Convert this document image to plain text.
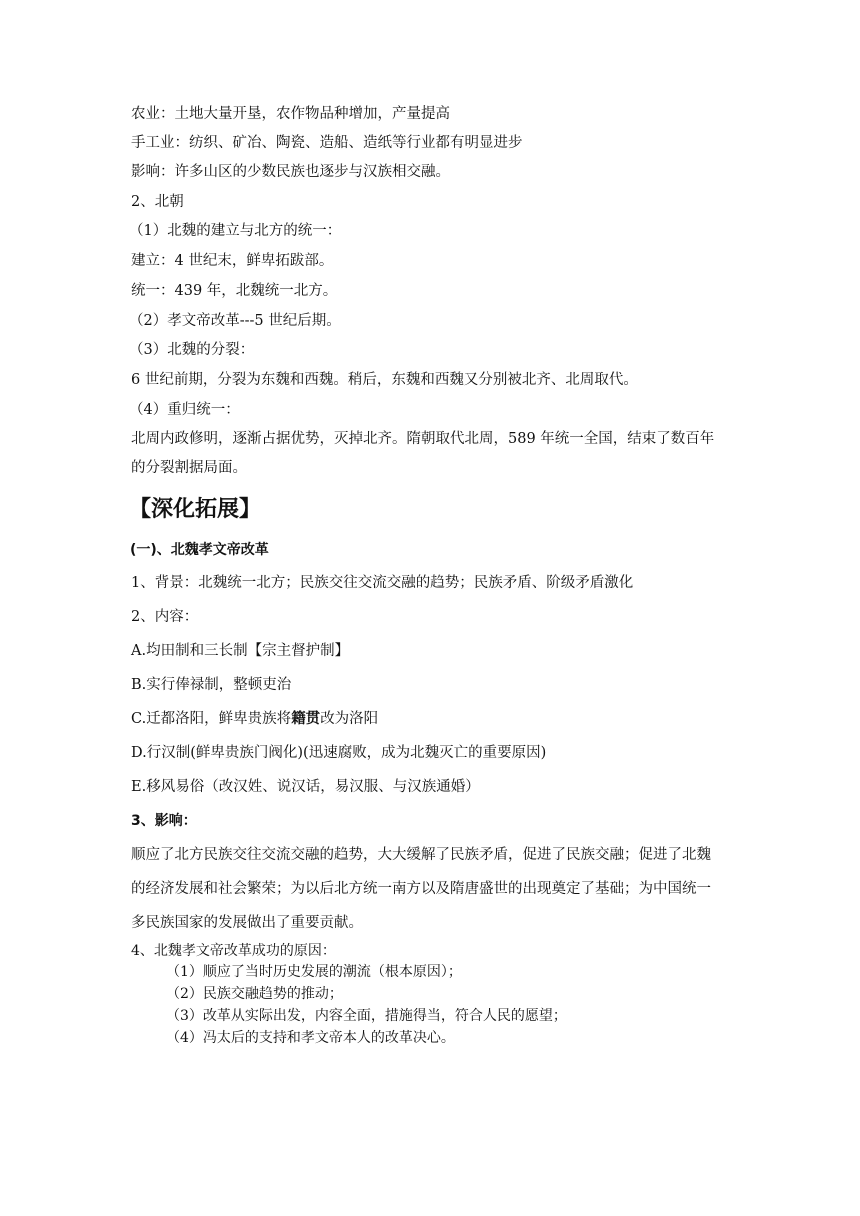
农业：土地大量开垦，农作物品种增加，产量提高
手工业：纺织、矿冶、陶瓷、造船、造纸等行业都有明显进步
影响：许多山区的少数民族也逐步与汉族相交融。
2、北朝
（1）北魏的建立与北方的统一：
建立：4 世纪末，鲜卑拓跋部。
统一：439 年，北魏统一北方。
（2）孝文帝改革---5 世纪后期。
（3）北魏的分裂：
6 世纪前期，分裂为东魏和西魏。稍后，东魏和西魏又分别被北齐、北周取代。
（4）重归统一：
北周内政修明，逐渐占据优势，灭掉北齐。隋朝取代北周，589 年统一全国，结束了数百年
的分裂割据局面。
【深化拓展】
(一)、北魏孝文帝改革
1、背景：北魏统一北方；民族交往交流交融的趋势；民族矛盾、阶级矛盾激化
2、内容：
A.均田制和三长制【宗主督护制】
B.实行俸禄制，整顿吏治
C.迁都洛阳，鲜卑贵族将籍贯改为洛阳
D.行汉制(鲜卑贵族门阀化)(迅速腐败，成为北魏灭亡的重要原因)
E.移风易俗（改汉姓、说汉话，易汉服、与汉族通婚）
3、影响：
顺应了北方民族交往交流交融的趋势，大大缓解了民族矛盾，促进了民族交融；促进了北魏
的经济发展和社会繁荣；为以后北方统一南方以及隋唐盛世的出现奠定了基础；为中国统一
多民族国家的发展做出了重要贡献。
4、北魏孝文帝改革成功的原因：
（1）顺应了当时历史发展的潮流（根本原因）；
（2）民族交融趋势的推动；
（3）改革从实际出发，内容全面，措施得当，符合人民的愿望；
（4）冯太后的支持和孝文帝本人的改革决心。
